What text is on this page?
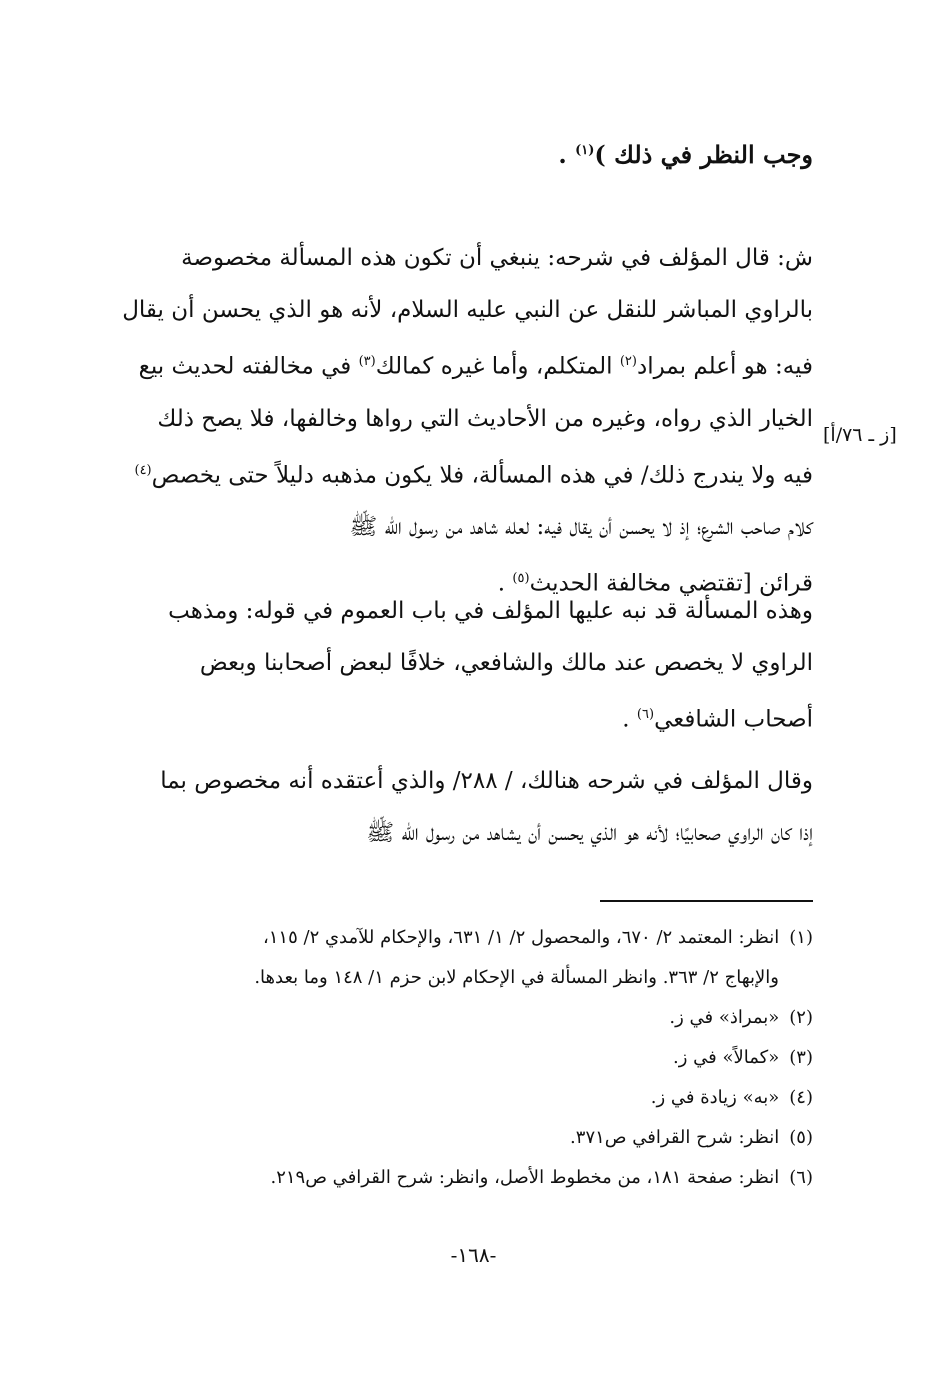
وجب النظر في ذلك )$^{(١)}$ .
[ز ـ ٧٦/أ]

ش: قال المؤلف في شرحه: ينبغي أن تكون هذه المسألة مخصوصة

بالراوي المباشر للنقل عن النبي عليه السلام، لأنه هو الذي يحسن أن يقال

فيه: هو أعلم بمراد$^{(٢)}$ المتكلم، وأما غيره كمالك$^{(٣)}$ في مخالفته لحديث بيع

الخيار الذي رواه، وغيره من الأحاديث التي رواها وخالفها، فلا يصح ذلك

فيه ولا يندرج ذلك/ في هذه المسألة، فلا يكون مذهبه دليلاً حتى يخصص$^{(٤)}$

كلام صاحب الشرع؛ إذ لا يحسن أن يقال فيه: لعله شاهد من رسول الله ﷺ

قرائن [تقتضي مخالفة الحديث$^{(٥)}$ .

وهذه المسألة قد نبه عليها المؤلف في باب العموم في قوله: ومذهب

الراوي لا يخصص عند مالك والشافعي، خلافًا لبعض أصحابنا وبعض

أصحاب الشافعي$^{(٦)}$ .

وقال المؤلف في شرحه هنالك، / ٢٨٨/ والذي أعتقده أنه مخصوص بما

إذا كان الراوي صحابيًا؛ لأنه هو الذي يحسن أن يشاهد من رسول الله ﷺ

(١)انظر: المعتمد ٢/ ٦٧٠، والمحصول ٢/ ١/ ٦٣١، والإحكام للآمدي ٢/ ١١٥،

والإبهاج ٢/ ٣٦٣. وانظر المسألة في الإحكام لابن حزم ١/ ١٤٨ وما بعدها.

(٢)«بمراذ» في ز.

(٣)«كمالاً» في ز.

(٤)«به» زيادة في ز.

(٥)انظر: شرح القرافي ص٣٧١.

(٦)انظر: صفحة ١٨١، من مخطوط الأصل، وانظر: شرح القرافي ص٢١٩.

-١٦٨-
